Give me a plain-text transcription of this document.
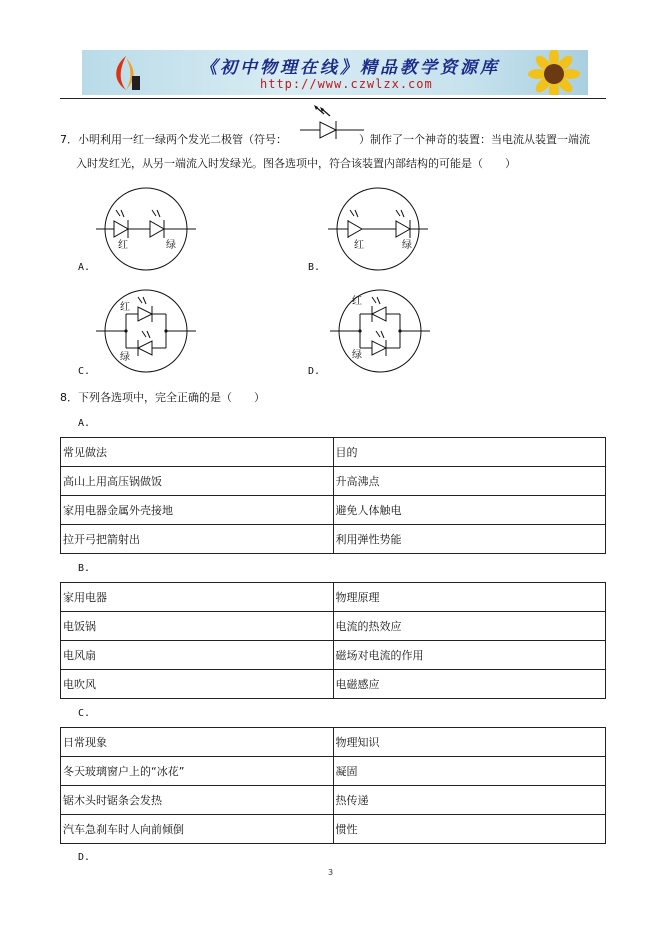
《初中物理在线》精品教学资源库
http://www.czwlzx.com
7．小明利用一红一绿两个发光二极管（符号：	）制作了一个神奇的装置：当电流从装置一端流
入时发红光，从另一端流入时发绿光。图各选项中，符合该装置内部结构的可能是（　　）
红	绿
A.
红	绿
B.
红
绿
C.
红
绿
D.
8．下列各选项中，完全正确的是（　　）
A.
常见做法	目的
高山上用高压锅做饭	升高沸点
家用电器金属外壳接地	避免人体触电
拉开弓把箭射出	利用弹性势能
B.
家用电器	物理原理
电饭锅	电流的热效应
电风扇	磁场对电流的作用
电吹风	电磁感应
C.
日常现象	物理知识
冬天玻璃窗户上的“冰花”	凝固
锯木头时锯条会发热	热传递
汽车急刹车时人向前倾倒	惯性
D.
3
